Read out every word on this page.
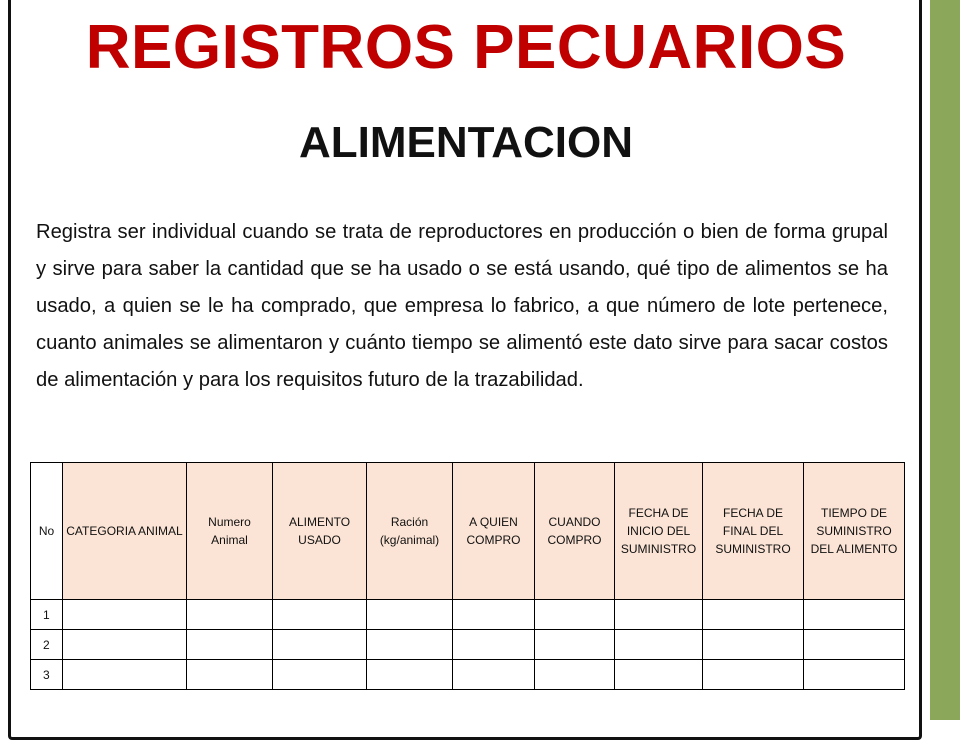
REGISTROS PECUARIOS
ALIMENTACION
Registra ser individual cuando se trata de reproductores en producción o bien de forma grupal y sirve para saber la cantidad que se ha usado o se está usando, qué tipo de alimentos se ha usado, a quien se le ha comprado, que empresa lo fabrico, a que número de lote pertenece, cuanto animales se alimentaron y cuánto tiempo se alimentó este dato sirve para sacar costos de alimentación y para los requisitos futuro de la trazabilidad.
No	CATEGORIA ANIMAL	Numero Animal	ALIMENTO USADO	Ración (kg/animal)	A QUIEN COMPRO	CUANDO COMPRO	FECHA DE INICIO DEL SUMINISTRO	FECHA DE FINAL DEL SUMINISTRO	TIEMPO DE SUMINISTRO DEL ALIMENTO
1									
2									
3									
